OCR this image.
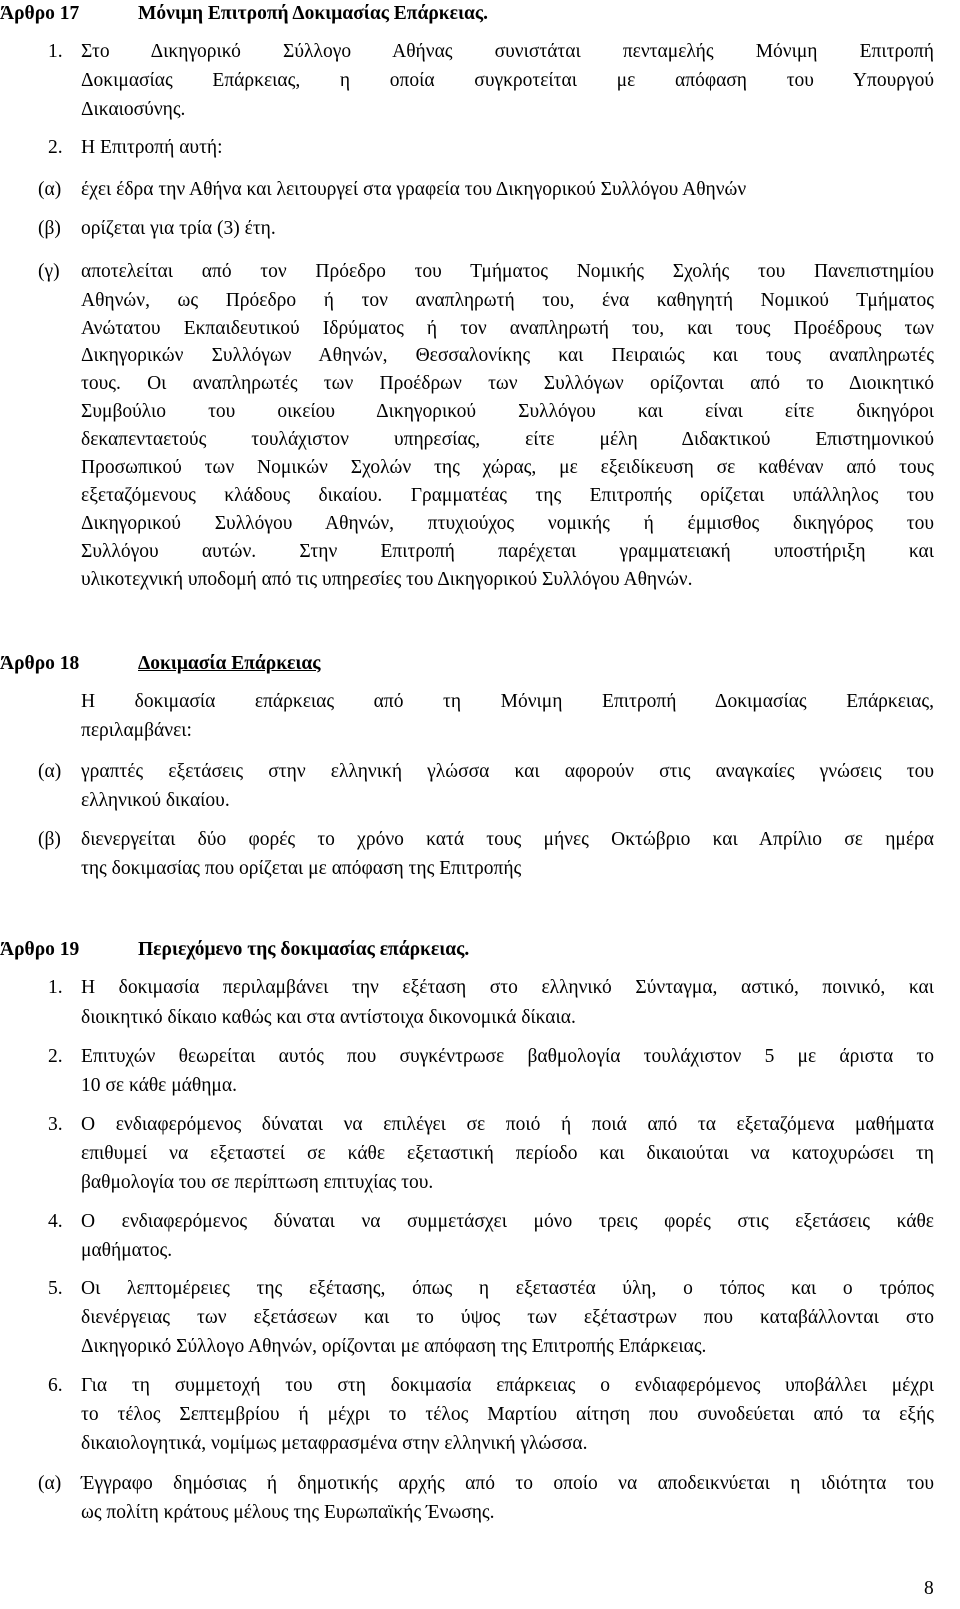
Άρθρο 17	Μόνιμη Επιτροπή Δοκιμασίας Επάρκειας.
1. Στο Δικηγορικό Σύλλογο Αθήνας συνιστάται πενταμελής Μόνιμη Επιτροπή
Δοκιμασίας Επάρκειας, η οποία συγκροτείται με απόφαση του Υπουργού
Δικαιοσύνης.
2. Η Επιτροπή αυτή:
(α) έχει έδρα την Αθήνα και λειτουργεί στα γραφεία του Δικηγορικού Συλλόγου Αθηνών
(β) ορίζεται για τρία (3) έτη.
(γ) αποτελείται από τον Πρόεδρο του Τμήματος Νομικής Σχολής του Πανεπιστημίου
Αθηνών, ως Πρόεδρο ή τον αναπληρωτή του, ένα καθηγητή Νομικού Τμήματος
Ανώτατου Εκπαιδευτικού Ιδρύματος ή τον αναπληρωτή του, και τους Προέδρους των
Δικηγορικών Συλλόγων Αθηνών, Θεσσαλονίκης και Πειραιώς και τους αναπληρωτές
τους. Οι αναπληρωτές των Προέδρων των Συλλόγων ορίζονται από το Διοικητικό
Συμβούλιο του οικείου Δικηγορικού Συλλόγου και είναι είτε δικηγόροι
δεκαπενταετούς τουλάχιστον υπηρεσίας, είτε μέλη Διδακτικού Επιστημονικού
Προσωπικού των Νομικών Σχολών της χώρας, με εξειδίκευση σε καθέναν από τους
εξεταζόμενους κλάδους δικαίου. Γραμματέας της Επιτροπής ορίζεται υπάλληλος του
Δικηγορικού Συλλόγου Αθηνών, πτυχιούχος νομικής ή έμμισθος δικηγόρος του
Συλλόγου αυτών. Στην Επιτροπή παρέχεται γραμματειακή υποστήριξη και
υλικοτεχνική υποδομή από τις υπηρεσίες του Δικηγορικού Συλλόγου Αθηνών.
Άρθρο 18	Δοκιμασία Επάρκειας
Η δοκιμασία επάρκειας από τη Μόνιμη Επιτροπή Δοκιμασίας Επάρκειας,
περιλαμβάνει:
(α) γραπτές εξετάσεις στην ελληνική γλώσσα και αφορούν στις αναγκαίες γνώσεις του
ελληνικού δικαίου.
(β) διενεργείται δύο φορές το χρόνο κατά τους μήνες Οκτώβριο και Απρίλιο σε ημέρα
της δοκιμασίας που ορίζεται με απόφαση της Επιτροπής
Άρθρο 19	Περιεχόμενο της δοκιμασίας επάρκειας.
1. Η δοκιμασία περιλαμβάνει την εξέταση στο ελληνικό Σύνταγμα, αστικό, ποινικό, και
διοικητικό δίκαιο καθώς και στα αντίστοιχα δικονομικά δίκαια.
2. Επιτυχών θεωρείται αυτός που συγκέντρωσε βαθμολογία τουλάχιστον 5 με άριστα το
10 σε κάθε μάθημα.
3. Ο ενδιαφερόμενος δύναται να επιλέγει σε ποιό ή ποιά από τα εξεταζόμενα μαθήματα
επιθυμεί να εξεταστεί σε κάθε εξεταστική περίοδο και δικαιούται να κατοχυρώσει τη
βαθμολογία του σε περίπτωση επιτυχίας του.
4. Ο ενδιαφερόμενος δύναται να συμμετάσχει μόνο τρεις φορές στις εξετάσεις κάθε
μαθήματος.
5. Οι λεπτομέρειες της εξέτασης, όπως η εξεταστέα ύλη, ο τόπος και ο τρόπος
διενέργειας των εξετάσεων και το ύψος των εξέταστρων που καταβάλλονται στο
Δικηγορικό Σύλλογο Αθηνών, ορίζονται με απόφαση της Επιτροπής Επάρκειας.
6. Για τη συμμετοχή του στη δοκιμασία επάρκειας ο ενδιαφερόμενος υποβάλλει μέχρι
το τέλος Σεπτεμβρίου ή μέχρι το τέλος Μαρτίου αίτηση που συνοδεύεται από τα εξής
δικαιολογητικά, νομίμως μεταφρασμένα στην ελληνική γλώσσα.
(α) Έγγραφο δημόσιας ή δημοτικής αρχής από το οποίο να αποδεικνύεται η ιδιότητα του
ως πολίτη κράτους μέλους της Ευρωπαϊκής Ένωσης.
8
